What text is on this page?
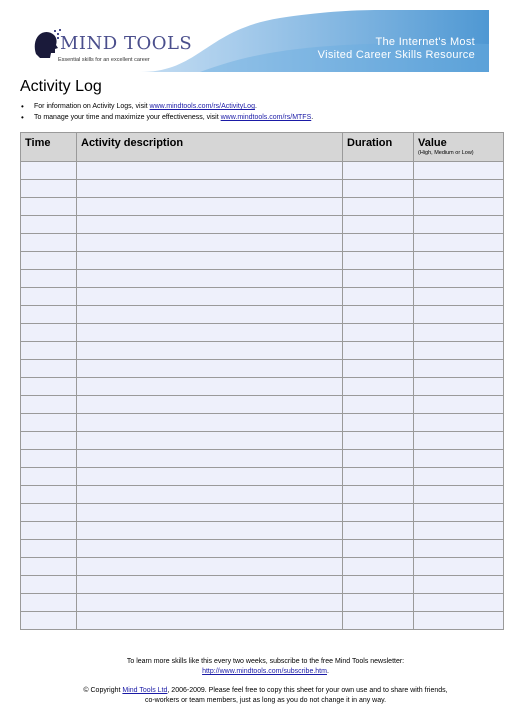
The Internet's Most
Visited Career Skills Resource
MIND TOOLS
Essential skills for an excellent career
Activity Log
• For information on Activity Logs, visit www.mindtools.com/rs/ActivityLog.
• To manage your time and maximize your effectiveness, visit www.mindtools.com/rs/MTFS.
Time	Activity description	Duration	Value
(High, Medium or Low)

To learn more skills like this every two weeks, subscribe to the free Mind Tools newsletter:
http://www.mindtools.com/subscribe.htm.
© Copyright Mind Tools Ltd, 2006-2009. Please feel free to copy this sheet for your own use and to share with friends,
co-workers or team members, just as long as you do not change it in any way.
